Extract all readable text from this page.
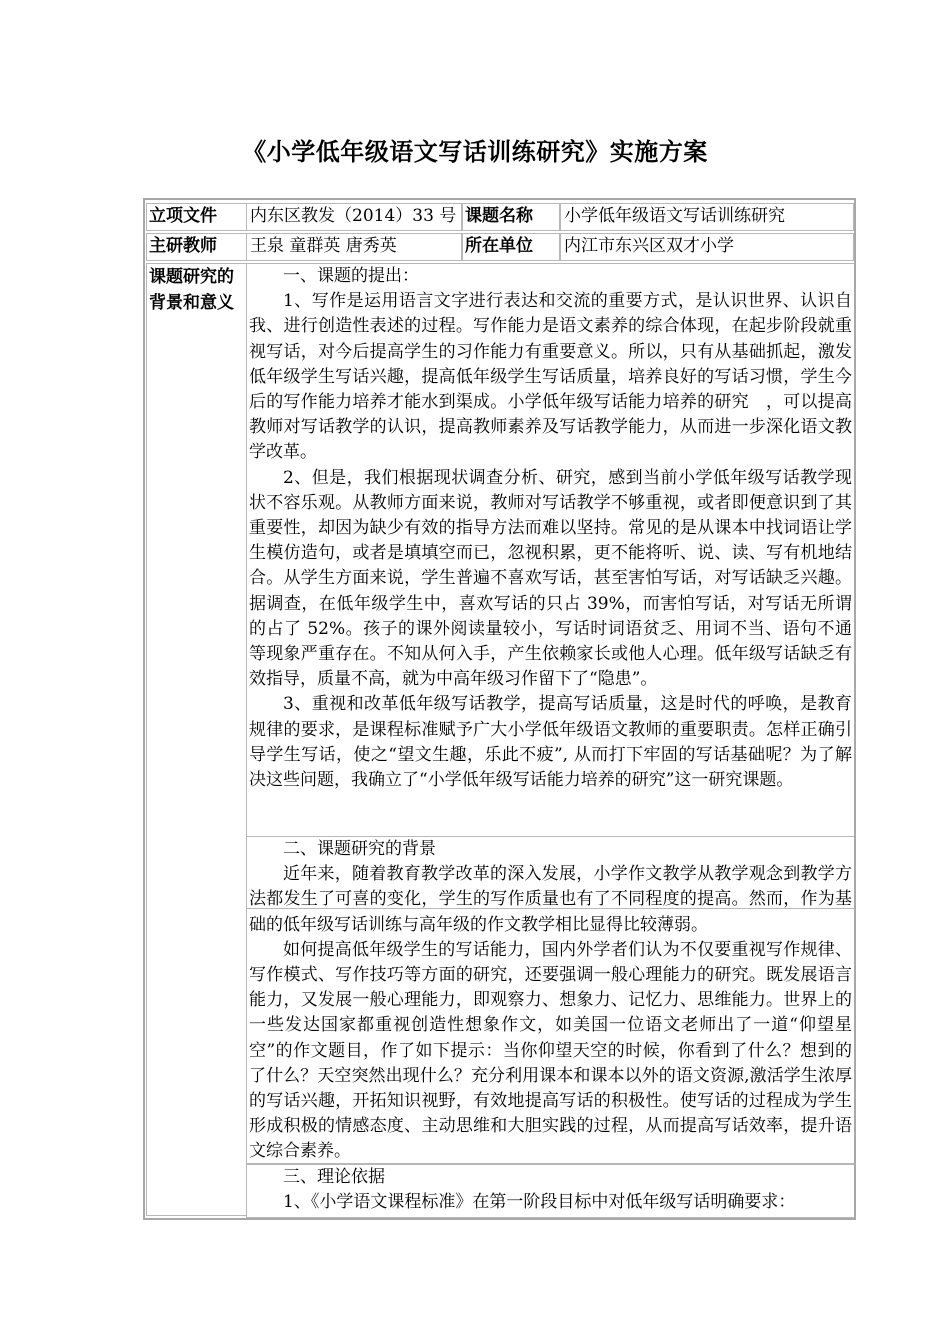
《小学低年级语文写话训练研究》实施方案
立项文件	内东区教发（2014）33 号 课题名称	小学低年级语文写话训练研究
主研教师	王泉 童群英 唐秀英	所在单位	内江市东兴区双才小学
课题研究的背景和意义

一、课题的提出：

1、写作是运用语言文字进行表达和交流的重要方式，是认识世界、认识自我、进行创造性表述的过程。写作能力是语文素养的综合体现，在起步阶段就重视写话，对今后提高学生的习作能力有重要意义。所以，只有从基础抓起，激发低年级学生写话兴趣，提高低年级学生写话质量，培养良好的写话习惯，学生今后的写作能力培养才能水到渠成。小学低年级写话能力培养的研究　，可以提高教师对写话教学的认识，提高教师素养及写话教学能力，从而进一步深化语文教学改革。

2、但是，我们根据现状调查分析、研究，感到当前小学低年级写话教学现状不容乐观。从教师方面来说，教师对写话教学不够重视，或者即便意识到了其重要性，却因为缺少有效的指导方法而难以坚持。常见的是从课本中找词语让学生模仿造句，或者是填填空而已，忽视积累，更不能将听、说、读、写有机地结合。从学生方面来说，学生普遍不喜欢写话，甚至害怕写话，对写话缺乏兴趣。据调查，在低年级学生中，喜欢写话的只占 39%，而害怕写话，对写话无所谓的占了 52%。孩子的课外阅读量较小，写话时词语贫乏、用词不当、语句不通等现象严重存在。不知从何入手，产生依赖家长或他人心理。低年级写话缺乏有效指导，质量不高，就为中高年级习作留下了“隐患”。

3、重视和改革低年级写话教学，提高写话质量，这是时代的呼唤，是教育规律的要求，是课程标准赋予广大小学低年级语文教师的重要职责。怎样正确引导学生写话，使之“望文生趣，乐此不疲”, 从而打下牢固的写话基础呢？为了解决这些问题，我确立了“小学低年级写话能力培养的研究”这一研究课题。

二、课题研究的背景

近年来，随着教育教学改革的深入发展，小学作文教学从教学观念到教学方法都发生了可喜的变化，学生的写作质量也有了不同程度的提高。然而，作为基础的低年级写话训练与高年级的作文教学相比显得比较薄弱。

如何提高低年级学生的写话能力，国内外学者们认为不仅要重视写作规律、写作模式、写作技巧等方面的研究，还要强调一般心理能力的研究。既发展语言能力，又发展一般心理能力，即观察力、想象力、记忆力、思维能力。世界上的一些发达国家都重视创造性想象作文，如美国一位语文老师出了一道“仰望星空”的作文题目，作了如下提示：当你仰望天空的时候，你看到了什么？想到的了什么？天空突然出现什么？充分利用课本和课本以外的语文资源,激活学生浓厚的写话兴趣，开拓知识视野，有效地提高写话的积极性。使写话的过程成为学生形成积极的情感态度、主动思维和大胆实践的过程，从而提高写话效率，提升语文综合素养。

三、理论依据

1、《小学语文课程标准》在第一阶段目标中对低年级写话明确要求：
